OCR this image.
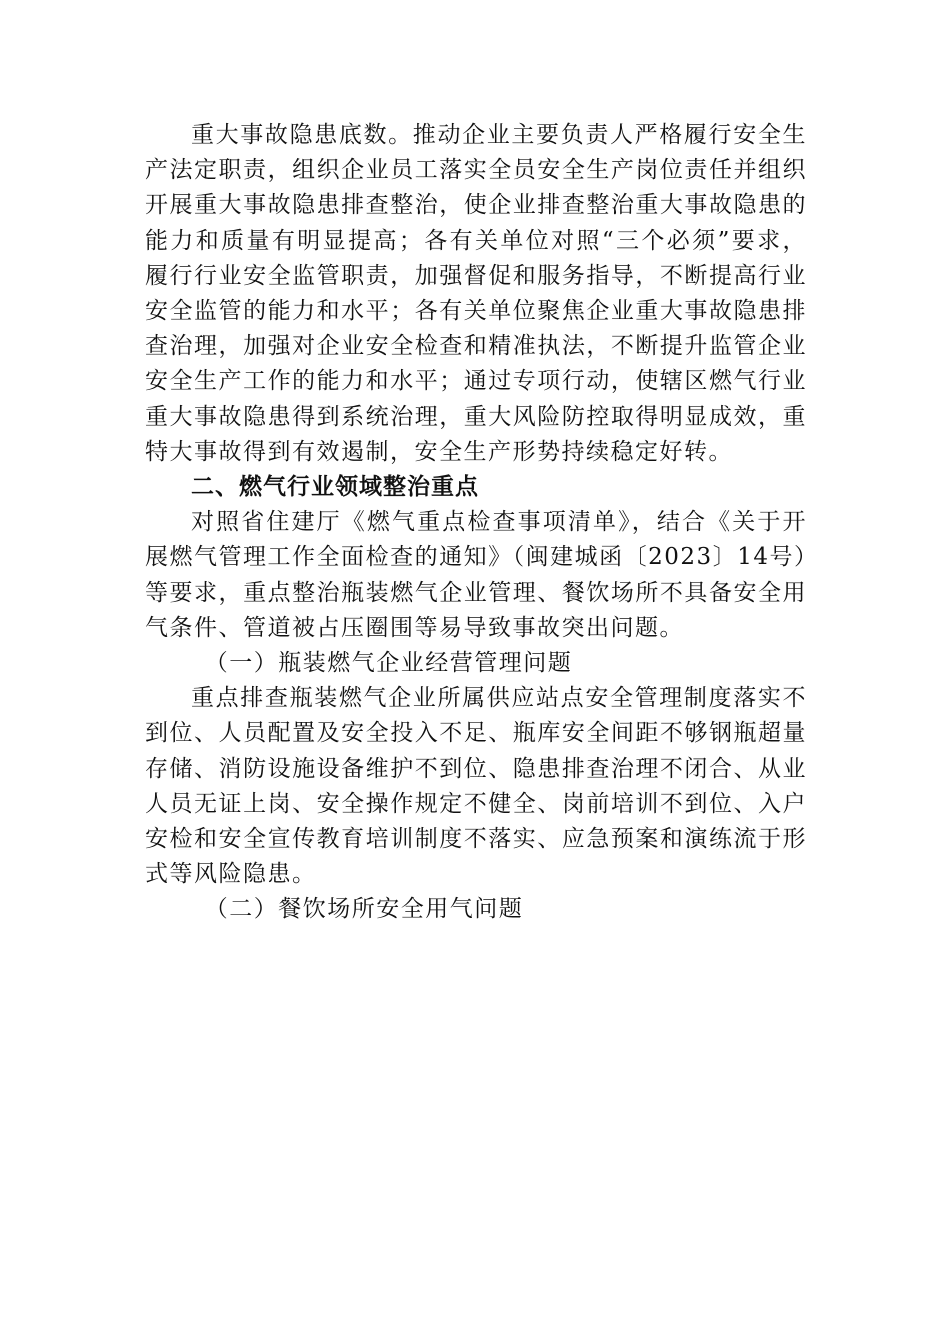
重大事故隐患底数。推动企业主要负责人严格履行安全生产法定职责，组织企业员工落实全员安全生产岗位责任并组织开展重大事故隐患排查整治，使企业排查整治重大事故隐患的能力和质量有明显提高；各有关单位对照“三个必须”要求，履行行业安全监管职责，加强督促和服务指导，不断提高行业安全监管的能力和水平；各有关单位聚焦企业重大事故隐患排查治理，加强对企业安全检查和精准执法，不断提升监管企业安全生产工作的能力和水平；通过专项行动，使辖区燃气行业重大事故隐患得到系统治理，重大风险防控取得明显成效，重特大事故得到有效遏制，安全生产形势持续稳定好转。

二、燃气行业领域整治重点

对照省住建厅《燃气重点检查事项清单》，结合《关于开展燃气管理工作全面检查的通知》（闽建城函〔2023〕14号）等要求，重点整治瓶装燃气企业管理、餐饮场所不具备安全用气条件、管道被占压圈围等易导致事故突出问题。

（一）瓶装燃气企业经营管理问题

重点排查瓶装燃气企业所属供应站点安全管理制度落实不到位、人员配置及安全投入不足、瓶库安全间距不够钢瓶超量存储、消防设施设备维护不到位、隐患排查治理不闭合、从业人员无证上岗、安全操作规定不健全、岗前培训不到位、入户安检和安全宣传教育培训制度不落实、应急预案和演练流于形式等风险隐患。

（二）餐饮场所安全用气问题
